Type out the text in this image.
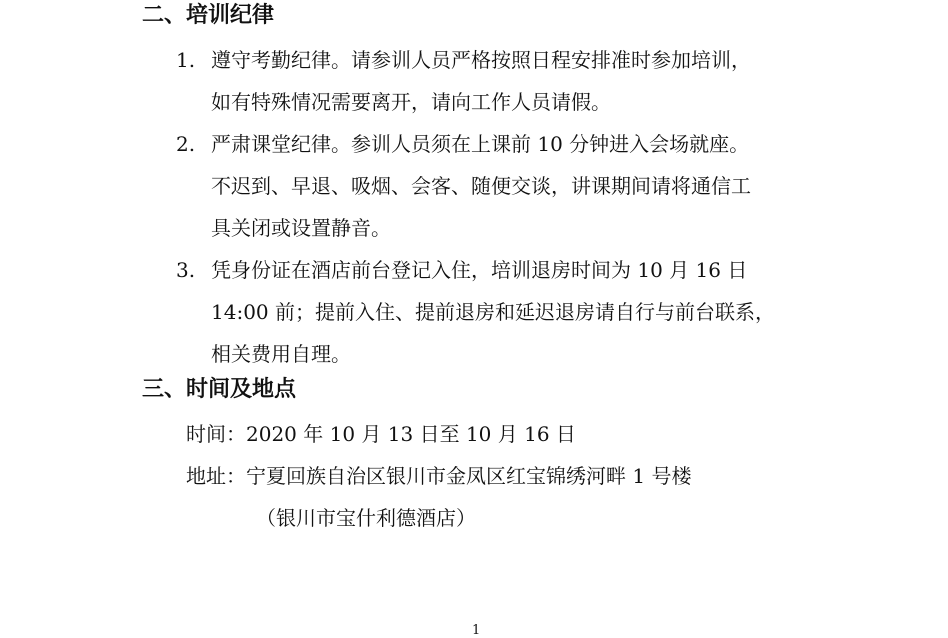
二、培训纪律
1. 遵守考勤纪律。请参训人员严格按照日程安排准时参加培训，
如有特殊情况需要离开，请向工作人员请假。
2. 严肃课堂纪律。参训人员须在上课前 10 分钟进入会场就座。
不迟到、早退、吸烟、会客、随便交谈，讲课期间请将通信工
具关闭或设置静音。
3. 凭身份证在酒店前台登记入住，培训退房时间为 10 月 16 日
14:00 前；提前入住、提前退房和延迟退房请自行与前台联系，
相关费用自理。
三、时间及地点
时间：2020 年 10 月 13 日至 10 月 16 日
地址：宁夏回族自治区银川市金凤区红宝锦绣河畔 1 号楼
（银川市宝什利德酒店）
1
